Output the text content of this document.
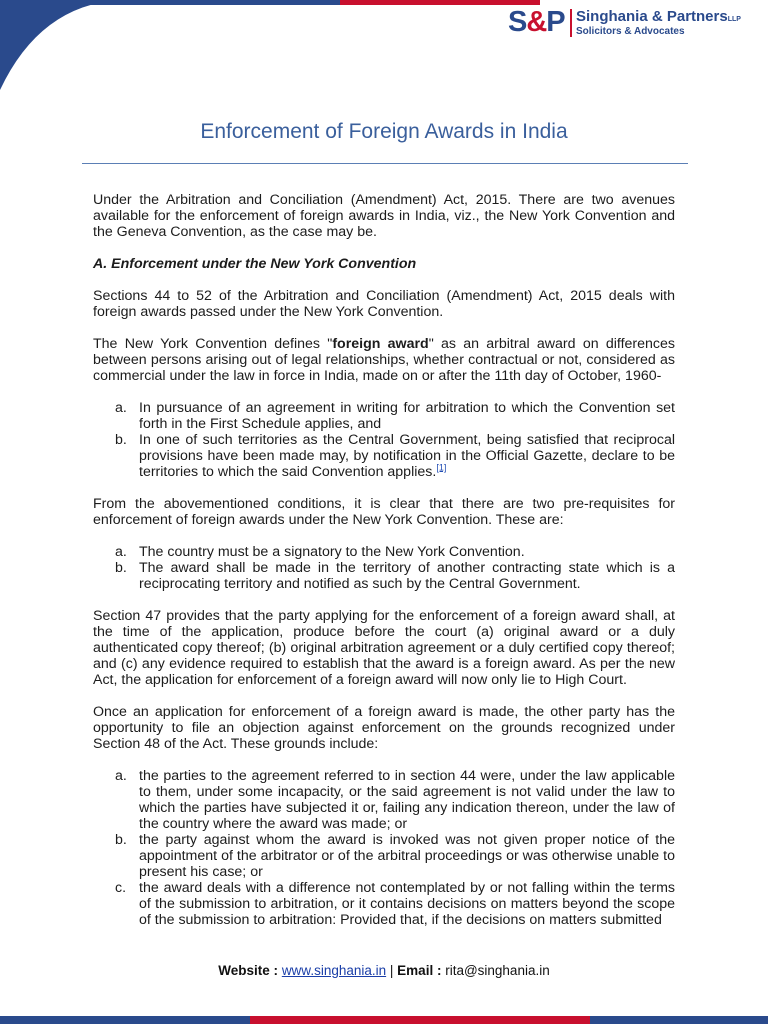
S&P Singhania & PartnersLLP
Solicitors & Advocates
Enforcement of Foreign Awards in India

Under the Arbitration and Conciliation (Amendment) Act, 2015. There are two avenues available for the enforcement of foreign awards in India, viz., the New York Convention and the Geneva Convention, as the case may be.

A. Enforcement under the New York Convention

Sections 44 to 52 of the Arbitration and Conciliation (Amendment) Act, 2015 deals with foreign awards passed under the New York Convention.

The New York Convention defines "foreign award" as an arbitral award on differences between persons arising out of legal relationships, whether contractual or not, considered as commercial under the law in force in India, made on or after the 11th day of October, 1960-

a. In pursuance of an agreement in writing for arbitration to which the Convention set forth in the First Schedule applies, and
b. In one of such territories as the Central Government, being satisfied that reciprocal provisions have been made may, by notification in the Official Gazette, declare to be territories to which the said Convention applies.[1]

From the abovementioned conditions, it is clear that there are two pre-requisites for enforcement of foreign awards under the New York Convention. These are:

a. The country must be a signatory to the New York Convention.
b. The award shall be made in the territory of another contracting state which is a reciprocating territory and notified as such by the Central Government.

Section 47 provides that the party applying for the enforcement of a foreign award shall, at the time of the application, produce before the court (a) original award or a duly authenticated copy thereof; (b) original arbitration agreement or a duly certified copy thereof; and (c) any evidence required to establish that the award is a foreign award. As per the new Act, the application for enforcement of a foreign award will now only lie to High Court.

Once an application for enforcement of a foreign award is made, the other party has the opportunity to file an objection against enforcement on the grounds recognized under Section 48 of the Act. These grounds include:

a. the parties to the agreement referred to in section 44 were, under the law applicable to them, under some incapacity, or the said agreement is not valid under the law to which the parties have subjected it or, failing any indication thereon, under the law of the country where the award was made; or
b. the party against whom the award is invoked was not given proper notice of the appointment of the arbitrator or of the arbitral proceedings or was otherwise unable to present his case; or
c. the award deals with a difference not contemplated by or not falling within the terms of the submission to arbitration, or it contains decisions on matters beyond the scope of the submission to arbitration: Provided that, if the decisions on matters submitted
Website : www.singhania.in | Email : rita@singhania.in
